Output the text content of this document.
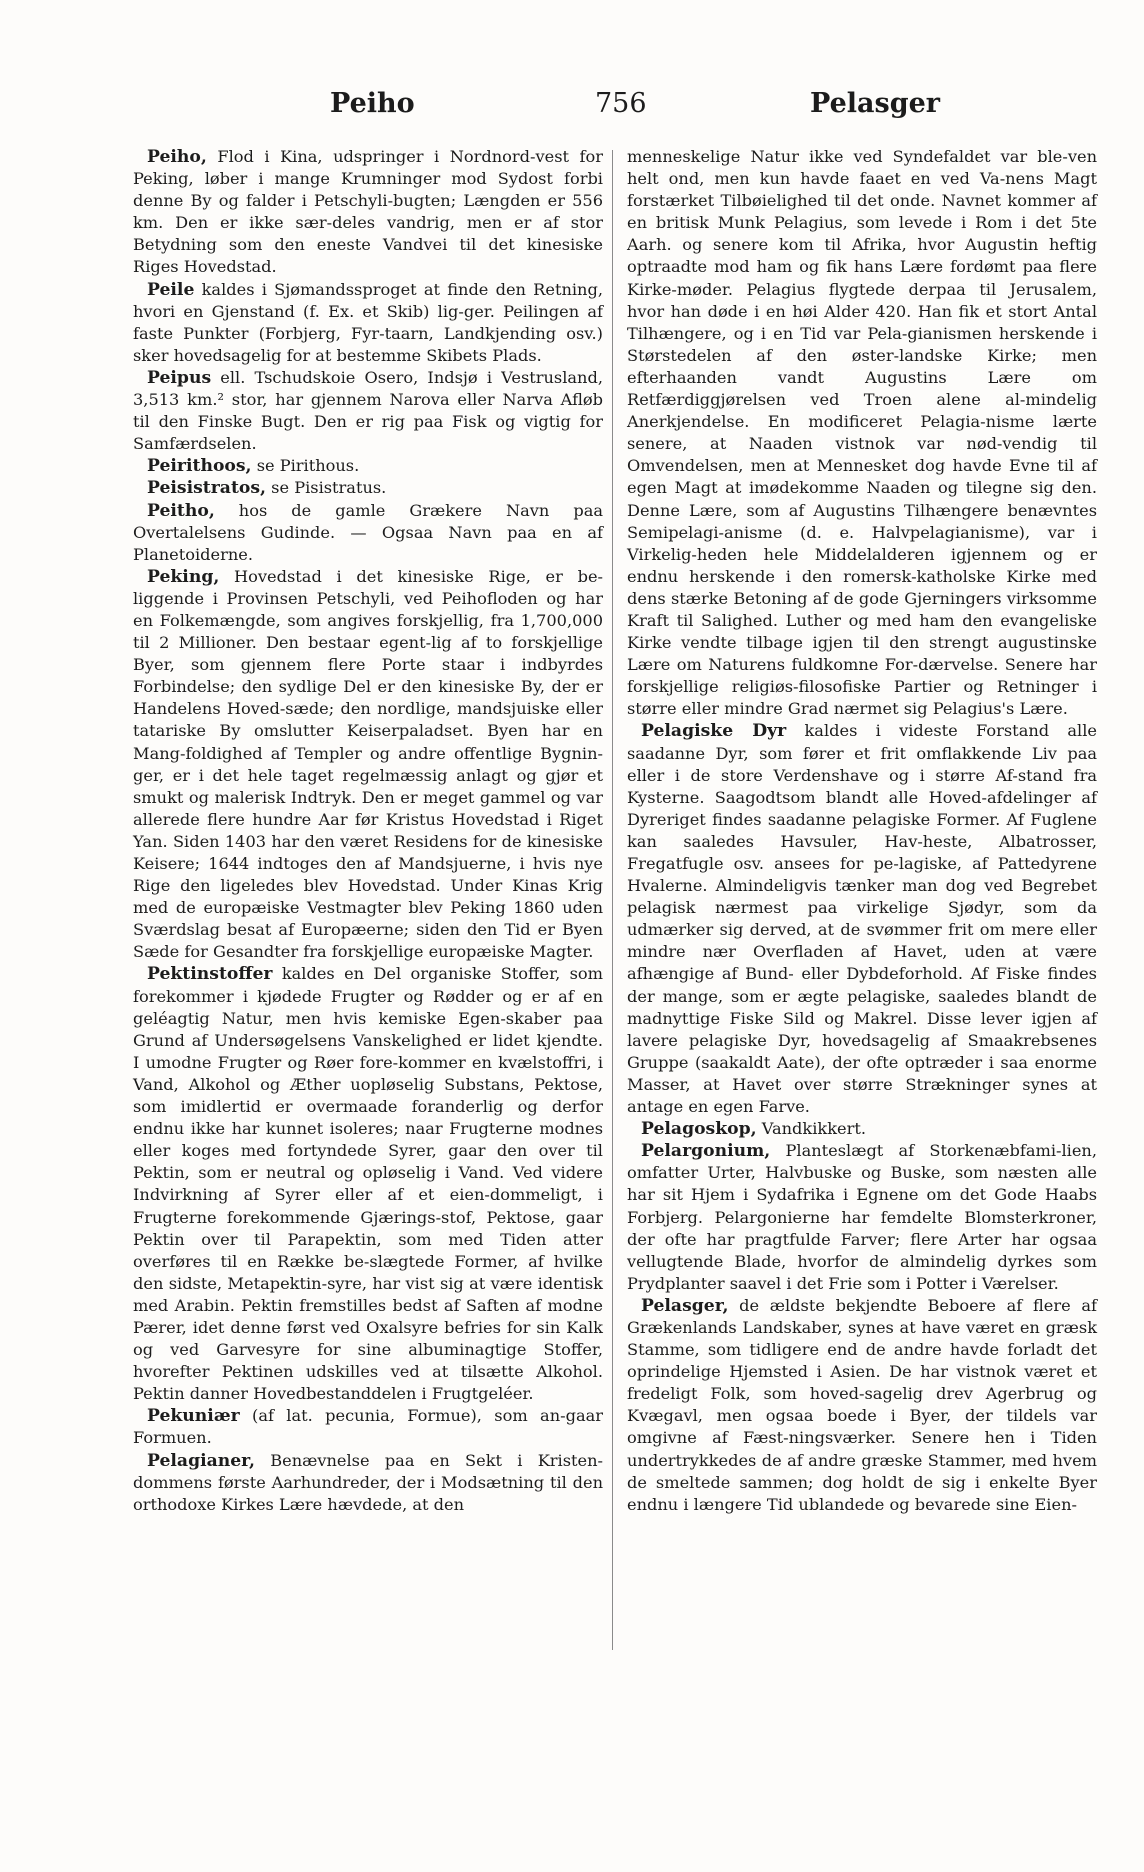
Peiho	756	Pelasger

Peiho, Flod i Kina, udspringer i Nordnord-vest for Peking, løber i mange Krumninger mod Sydost forbi denne By og falder i Petschyli-bugten; Længden er 556 km. Den er ikke sær-deles vandrig, men er af stor Betydning som den eneste Vandvei til det kinesiske Riges Hovedstad.

Peile kaldes i Sjømandssproget at finde den Retning, hvori en Gjenstand (f. Ex. et Skib) lig-ger. Peilingen af faste Punkter (Forbjerg, Fyr-taarn, Landkjending osv.) sker hovedsagelig for at bestemme Skibets Plads.

Peipus ell. Tschudskoie Osero, Indsjø i Vestrusland, 3,513 km.² stor, har gjennem Narova eller Narva Afløb til den Finske Bugt. Den er rig paa Fisk og vigtig for Samfærdselen.

Peirithoos, se Pirithous.

Peisistratos, se Pisistratus.

Peitho, hos de gamle Grækere Navn paa Overtalelsens Gudinde. — Ogsaa Navn paa en af Planetoiderne.

Peking, Hovedstad i det kinesiske Rige, er be-liggende i Provinsen Petschyli, ved Peihofloden og har en Folkemængde, som angives forskjellig, fra 1,700,000 til 2 Millioner. Den bestaar egent-lig af to forskjellige Byer, som gjennem flere Porte staar i indbyrdes Forbindelse; den sydlige Del er den kinesiske By, der er Handelens Hoved-sæde; den nordlige, mandsjuiske eller tatariske By omslutter Keiserpaladset. Byen har en Mang-foldighed af Templer og andre offentlige Bygnin-ger, er i det hele taget regelmæssig anlagt og gjør et smukt og malerisk Indtryk. Den er meget gammel og var allerede flere hundre Aar før Kristus Hovedstad i Riget Yan. Siden 1403 har den været Residens for de kinesiske Keisere; 1644 indtoges den af Mandsjuerne, i hvis nye Rige den ligeledes blev Hovedstad. Under Kinas Krig med de europæiske Vestmagter blev Peking 1860 uden Sværdslag besat af Europæerne; siden den Tid er Byen Sæde for Gesandter fra forskjellige europæiske Magter.

Pektinstoffer kaldes en Del organiske Stoffer, som forekommer i kjødede Frugter og Rødder og er af en geléagtig Natur, men hvis kemiske Egen-skaber paa Grund af Undersøgelsens Vanskelighed er lidet kjendte. I umodne Frugter og Røer fore-kommer en kvælstoffri, i Vand, Alkohol og Æther uopløselig Substans, Pektose, som imidlertid er overmaade foranderlig og derfor endnu ikke har kunnet isoleres; naar Frugterne modnes eller koges med fortyndede Syrer, gaar den over til Pektin, som er neutral og opløselig i Vand. Ved videre Indvirkning af Syrer eller af et eien-dommeligt, i Frugterne forekommende Gjærings-stof, Pektose, gaar Pektin over til Parapektin, som med Tiden atter overføres til en Række be-slægtede Former, af hvilke den sidste, Metapektin-syre, har vist sig at være identisk med Arabin. Pektin fremstilles bedst af Saften af modne Pærer, idet denne først ved Oxalsyre befries for sin Kalk og ved Garvesyre for sine albuminagtige Stoffer, hvorefter Pektinen udskilles ved at tilsætte Alkohol. Pektin danner Hovedbestanddelen i Frugtgeléer.

Pekuniær (af lat. pecunia, Formue), som an-gaar Formuen.

Pelagianer, Benævnelse paa en Sekt i Kristen-dommens første Aarhundreder, der i Modsætning til den orthodoxe Kirkes Lære hævdede, at den

menneskelige Natur ikke ved Syndefaldet var ble-ven helt ond, men kun havde faaet en ved Va-nens Magt forstærket Tilbøielighed til det onde. Navnet kommer af en britisk Munk Pelagius, som levede i Rom i det 5te Aarh. og senere kom til Afrika, hvor Augustin heftig optraadte mod ham og fik hans Lære fordømt paa flere Kirke-møder. Pelagius flygtede derpaa til Jerusalem, hvor han døde i en høi Alder 420. Han fik et stort Antal Tilhængere, og i en Tid var Pela-gianismen herskende i Størstedelen af den øster-landske Kirke; men efterhaanden vandt Augustins Lære om Retfærdiggjørelsen ved Troen alene al-mindelig Anerkjendelse. En modificeret Pelagia-nisme lærte senere, at Naaden vistnok var nød-vendig til Omvendelsen, men at Mennesket dog havde Evne til af egen Magt at imødekomme Naaden og tilegne sig den. Denne Lære, som af Augustins Tilhængere benævntes Semipelagi-anisme (d. e. Halvpelagianisme), var i Virkelig-heden hele Middelalderen igjennem og er endnu herskende i den romersk-katholske Kirke med dens stærke Betoning af de gode Gjerningers virksomme Kraft til Salighed. Luther og med ham den evangeliske Kirke vendte tilbage igjen til den strengt augustinske Lære om Naturens fuldkomne For-dærvelse. Senere har forskjellige religiøs-filosofiske Partier og Retninger i større eller mindre Grad nærmet sig Pelagius's Lære.

Pelagiske Dyr kaldes i videste Forstand alle saadanne Dyr, som fører et frit omflakkende Liv paa eller i de store Verdenshave og i større Af-stand fra Kysterne. Saagodtsom blandt alle Hoved-afdelinger af Dyreriget findes saadanne pelagiske Former. Af Fuglene kan saaledes Havsuler, Hav-heste, Albatrosser, Fregatfugle osv. ansees for pe-lagiske, af Pattedyrene Hvalerne. Almindeligvis tænker man dog ved Begrebet pelagisk nærmest paa virkelige Sjødyr, som da udmærker sig derved, at de svømmer frit om mere eller mindre nær Overfladen af Havet, uden at være afhængige af Bund- eller Dybdeforhold. Af Fiske findes der mange, som er ægte pelagiske, saaledes blandt de madnyttige Fiske Sild og Makrel. Disse lever igjen af lavere pelagiske Dyr, hovedsagelig af Smaakrebsenes Gruppe (saakaldt Aate), der ofte optræder i saa enorme Masser, at Havet over større Strækninger synes at antage en egen Farve.

Pelagoskop, Vandkikkert.

Pelargonium, Planteslægt af Storkenæbfami-lien, omfatter Urter, Halvbuske og Buske, som næsten alle har sit Hjem i Sydafrika i Egnene om det Gode Haabs Forbjerg. Pelargonierne har femdelte Blomsterkroner, der ofte har pragtfulde Farver; flere Arter har ogsaa vellugtende Blade, hvorfor de almindelig dyrkes som Prydplanter saavel i det Frie som i Potter i Værelser.

Pelasger, de ældste bekjendte Beboere af flere af Grækenlands Landskaber, synes at have været en græsk Stamme, som tidligere end de andre havde forladt det oprindelige Hjemsted i Asien. De har vistnok været et fredeligt Folk, som hoved-sagelig drev Agerbrug og Kvægavl, men ogsaa boede i Byer, der tildels var omgivne af Fæst-ningsværker. Senere hen i Tiden undertrykkedes de af andre græske Stammer, med hvem de smeltede sammen; dog holdt de sig i enkelte Byer endnu i længere Tid ublandede og bevarede sine Eien-
